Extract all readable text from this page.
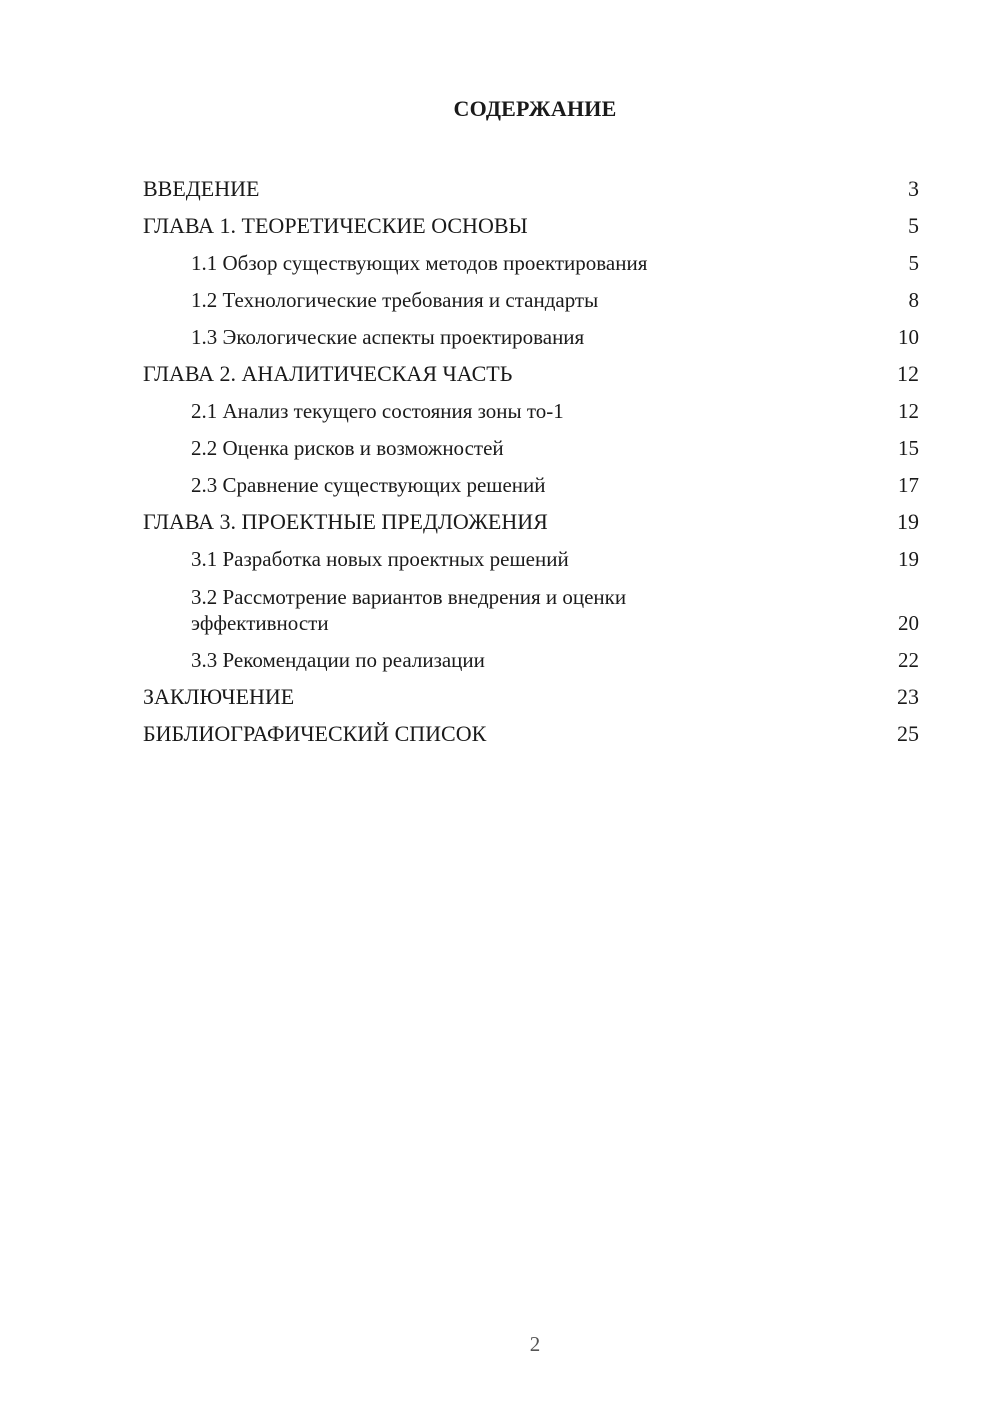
СОДЕРЖАНИЕ
ВВЕДЕНИЕ	3
ГЛАВА 1. ТЕОРЕТИЧЕСКИЕ ОСНОВЫ	5
1.1 Обзор существующих методов проектирования	5
1.2 Технологические требования и стандарты	8
1.3 Экологические аспекты проектирования	10
ГЛАВА 2. АНАЛИТИЧЕСКАЯ ЧАСТЬ	12
2.1 Анализ текущего состояния зоны то-1	12
2.2 Оценка рисков и возможностей	15
2.3 Сравнение существующих решений	17
ГЛАВА 3. ПРОЕКТНЫЕ ПРЕДЛОЖЕНИЯ	19
3.1 Разработка новых проектных решений	19
3.2 Рассмотрение вариантов внедрения и оценки эффективности	20
3.3 Рекомендации по реализации	22
ЗАКЛЮЧЕНИЕ	23
БИБЛИОГРАФИЧЕСКИЙ СПИСОК	25
2
